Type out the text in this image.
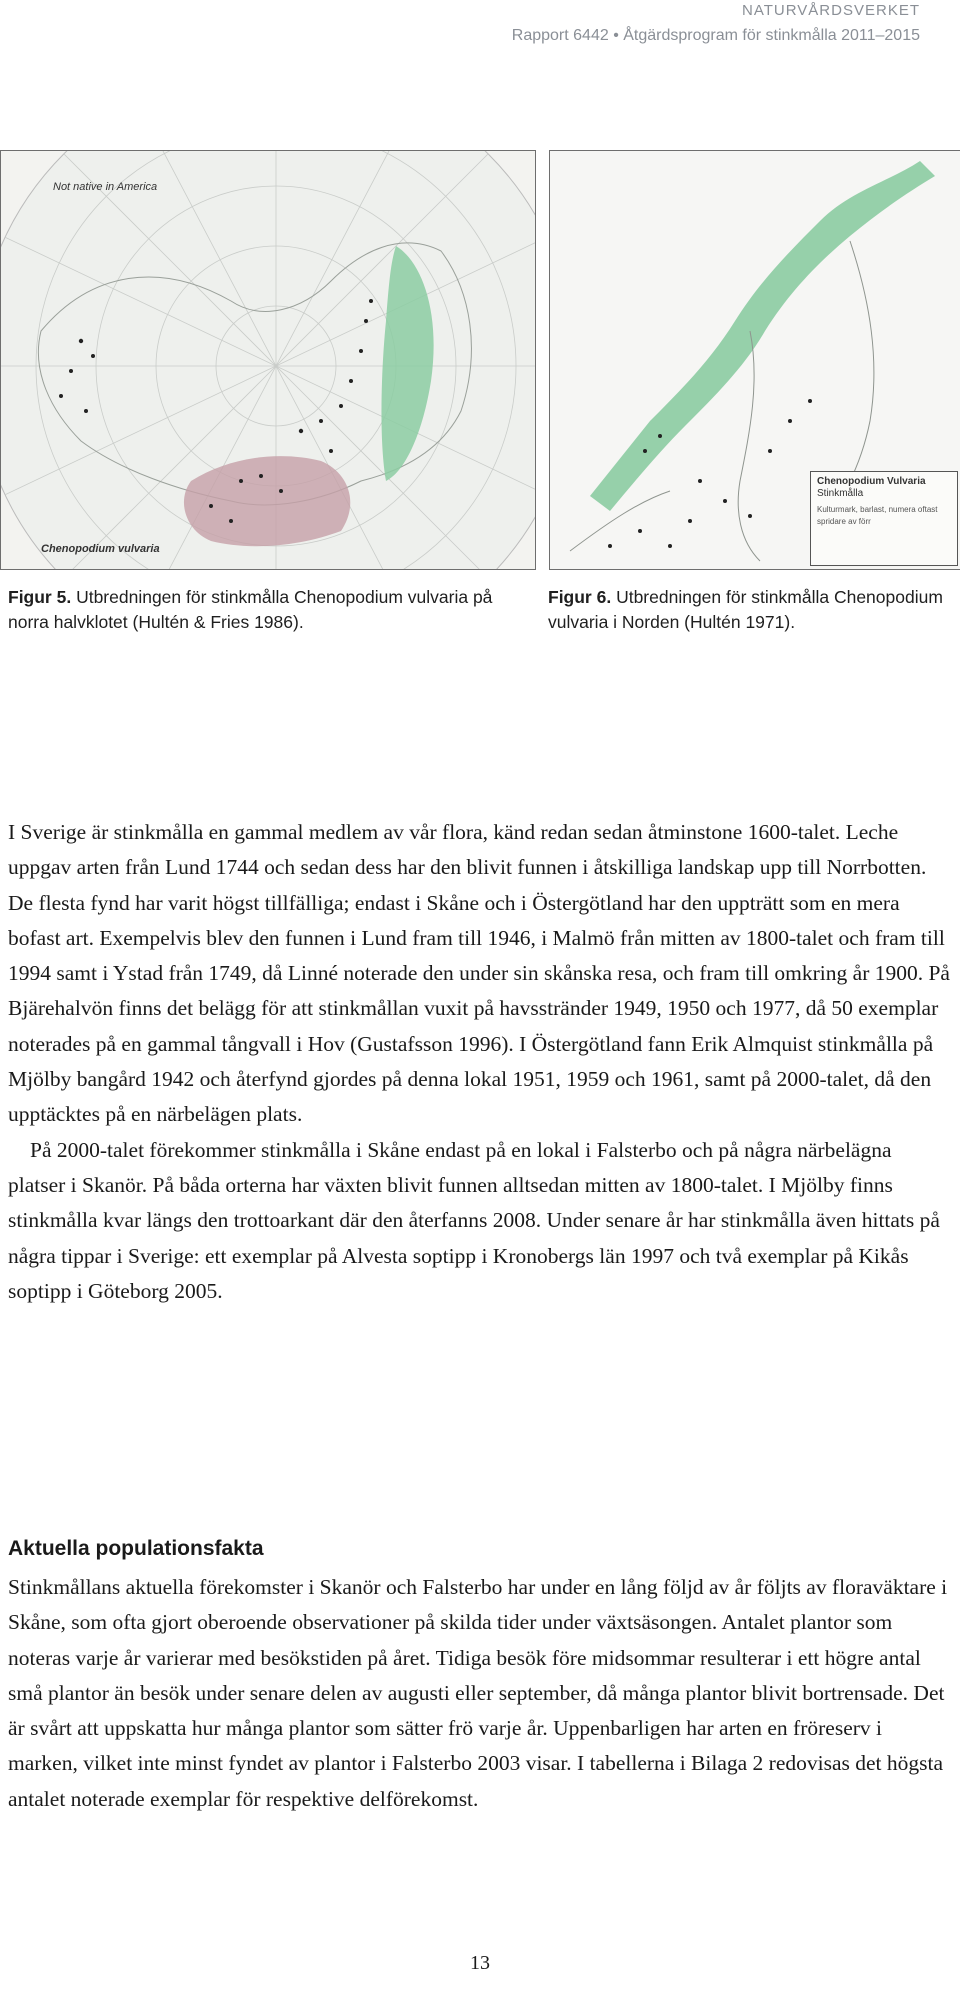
NATURVÅRDSVERKET
Rapport 6442 • Åtgärdsprogram för stinkmålla 2011–2015
Not native in America
Chenopodium vulvaria
Chenopodium Vulvaria
Stinkmålla
Kulturmark, barlast, numera oftast spridare av förr
Figur 5. Utbredningen för stinkmålla Chenopodium vulvaria på norra halvklotet (Hultén & Fries 1986).
Figur 6. Utbredningen för stinkmålla Chenopodium vulvaria i Norden (Hultén 1971).

I Sverige är stinkmålla en gammal medlem av vår flora, känd redan sedan åtminstone 1600-talet. Leche uppgav arten från Lund 1744 och sedan dess har den blivit funnen i åtskilliga landskap upp till Norrbotten. De flesta fynd har varit högst tillfälliga; endast i Skåne och i Östergötland har den uppträtt som en mera bofast art. Exempelvis blev den funnen i Lund fram till 1946, i Malmö från mitten av 1800-talet och fram till 1994 samt i Ystad från 1749, då Linné noterade den under sin skånska resa, och fram till omkring år 1900. På Bjärehalvön finns det belägg för att stinkmållan vuxit på havsstränder 1949, 1950 och 1977, då 50 exemplar noterades på en gammal tångvall i Hov (Gustafsson 1996). I Östergötland fann Erik Almquist stinkmålla på Mjölby bangård 1942 och återfynd gjordes på denna lokal 1951, 1959 och 1961, samt på 2000-talet, då den upptäcktes på en närbelägen plats.

På 2000-talet förekommer stinkmålla i Skåne endast på en lokal i Falsterbo och på några närbelägna platser i Skanör. På båda orterna har växten blivit funnen alltsedan mitten av 1800-talet. I Mjölby finns stinkmålla kvar längs den trottoarkant där den återfanns 2008. Under senare år har stinkmålla även hittats på några tippar i Sverige: ett exemplar på Alvesta soptipp i Kronobergs län 1997 och två exemplar på Kikås soptipp i Göteborg 2005.

Aktuella populationsfakta

Stinkmållans aktuella förekomster i Skanör och Falsterbo har under en lång följd av år följts av floraväktare i Skåne, som ofta gjort oberoende observationer på skilda tider under växtsäsongen. Antalet plantor som noteras varje år varierar med besökstiden på året. Tidiga besök före midsommar resulterar i ett högre antal små plantor än besök under senare delen av augusti eller september, då många plantor blivit bortrensade. Det är svårt att uppskatta hur många plantor som sätter frö varje år. Uppenbarligen har arten en fröreserv i marken, vilket inte minst fyndet av plantor i Falsterbo 2003 visar. I tabellerna i Bilaga 2 redovisas det högsta antalet noterade exemplar för respektive delförekomst.

13
